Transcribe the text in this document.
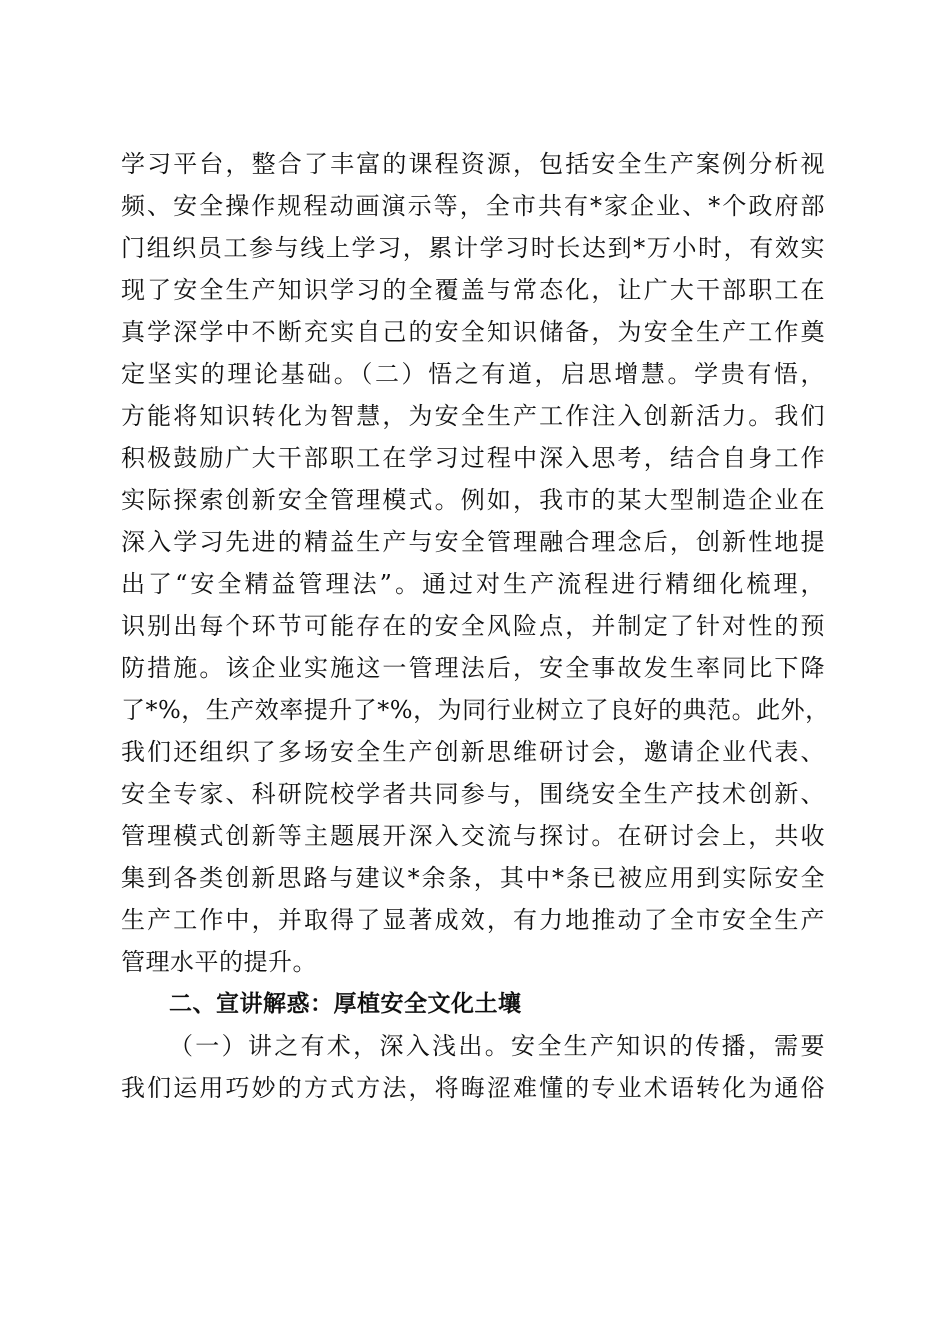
学习平台，整合了丰富的课程资源，包括安全生产案例分析视
频、安全操作规程动画演示等，全市共有*家企业、*个政府部
门组织员工参与线上学习，累计学习时长达到*万小时，有效实
现了安全生产知识学习的全覆盖与常态化，让广大干部职工在
真学深学中不断充实自己的安全知识储备，为安全生产工作奠
定坚实的理论基础。（二）悟之有道，启思增慧。学贵有悟，
方能将知识转化为智慧，为安全生产工作注入创新活力。我们
积极鼓励广大干部职工在学习过程中深入思考，结合自身工作
实际探索创新安全管理模式。例如，我市的某大型制造企业在
深入学习先进的精益生产与安全管理融合理念后，创新性地提
出了“安全精益管理法”。通过对生产流程进行精细化梳理，
识别出每个环节可能存在的安全风险点，并制定了针对性的预
防措施。该企业实施这一管理法后，安全事故发生率同比下降
了*%，生产效率提升了*%，为同行业树立了良好的典范。此外，
我们还组织了多场安全生产创新思维研讨会，邀请企业代表、
安全专家、科研院校学者共同参与，围绕安全生产技术创新、
管理模式创新等主题展开深入交流与探讨。在研讨会上，共收
集到各类创新思路与建议*余条，其中*条已被应用到实际安全
生产工作中，并取得了显著成效，有力地推动了全市安全生产
管理水平的提升。
二、宣讲解惑：厚植安全文化土壤
（一）讲之有术，深入浅出。安全生产知识的传播，需要
我们运用巧妙的方式方法，将晦涩难懂的专业术语转化为通俗
